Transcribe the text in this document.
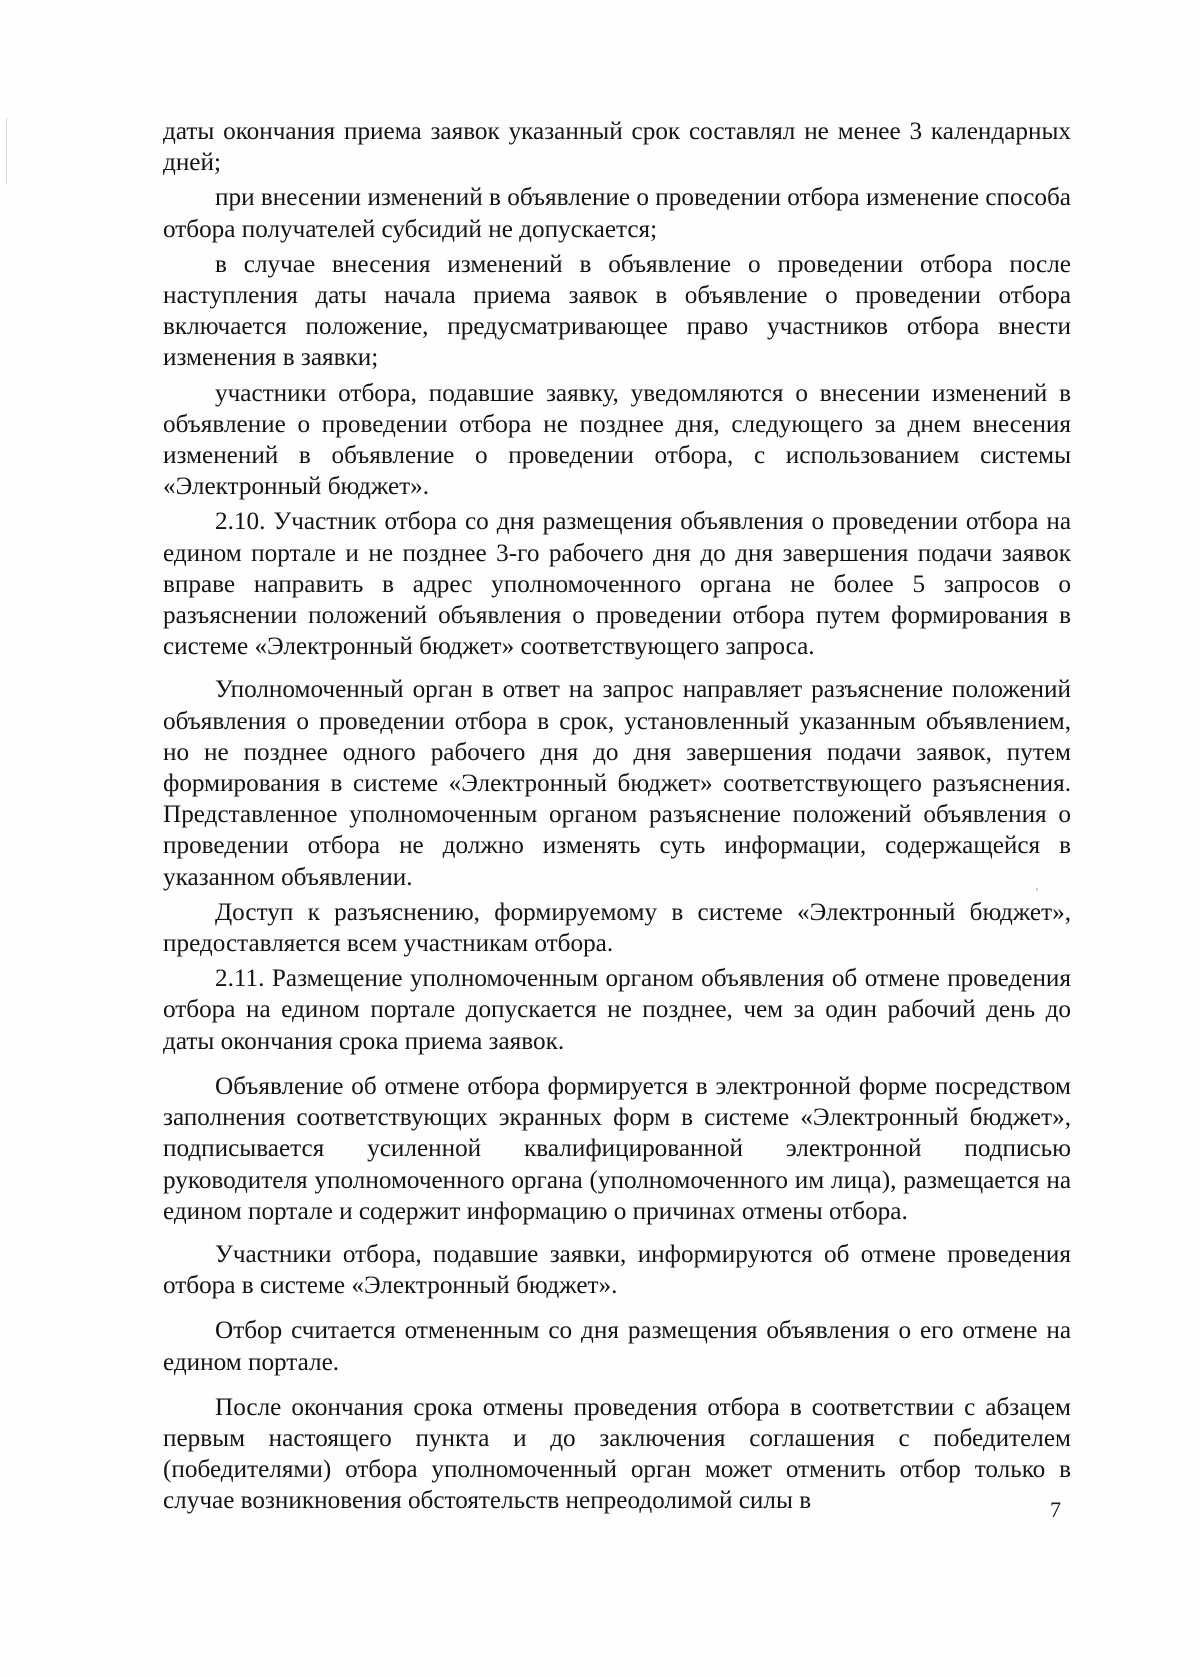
даты окончания приема заявок указанный срок составлял не менее 3 календарных дней;

при внесении изменений в объявление о проведении отбора изменение способа отбора получателей субсидий не допускается;

в случае внесения изменений в объявление о проведении отбора после наступления даты начала приема заявок в объявление о проведении отбора включается положение, предусматривающее право участников отбора внести изменения в заявки;

участники отбора, подавшие заявку, уведомляются о внесении изменений в объявление о проведении отбора не позднее дня, следующего за днем внесения изменений в объявление о проведении отбора, с использованием системы «Электронный бюджет».

2.10. Участник отбора со дня размещения объявления о проведении отбора на едином портале и не позднее 3-го рабочего дня до дня завершения подачи заявок вправе направить в адрес уполномоченного органа не более 5 запросов о разъяснении положений объявления о проведении отбора путем формирования в системе «Электронный бюджет» соответствующего запроса.

Уполномоченный орган в ответ на запрос направляет разъяснение положений объявления о проведении отбора в срок, установленный указанным объявлением, но не позднее одного рабочего дня до дня завершения подачи заявок, путем формирования в системе «Электронный бюджет» соответствующего разъяснения. Представленное уполномоченным органом разъяснение положений объявления о проведении отбора не должно изменять суть информации, содержащейся в указанном объявлении.

Доступ к разъяснению, формируемому в системе «Электронный бюджет», предоставляется всем участникам отбора.

2.11. Размещение уполномоченным органом объявления об отмене проведения отбора на едином портале допускается не позднее, чем за один рабочий день до даты окончания срока приема заявок.

Объявление об отмене отбора формируется в электронной форме посредством заполнения соответствующих экранных форм в системе «Электронный бюджет», подписывается усиленной квалифицированной электронной подписью руководителя уполномоченного органа (уполномоченного им лица), размещается на едином портале и содержит информацию о причинах отмены отбора.

Участники отбора, подавшие заявки, информируются об отмене проведения отбора в системе «Электронный бюджет».

Отбор считается отмененным со дня размещения объявления о его отмене на едином портале.

После окончания срока отмены проведения отбора в соответствии с абзацем первым настоящего пункта и до заключения соглашения с победителем (победителями) отбора уполномоченный орган может отменить отбор только в случае возникновения обстоятельств непреодолимой силы в	7
